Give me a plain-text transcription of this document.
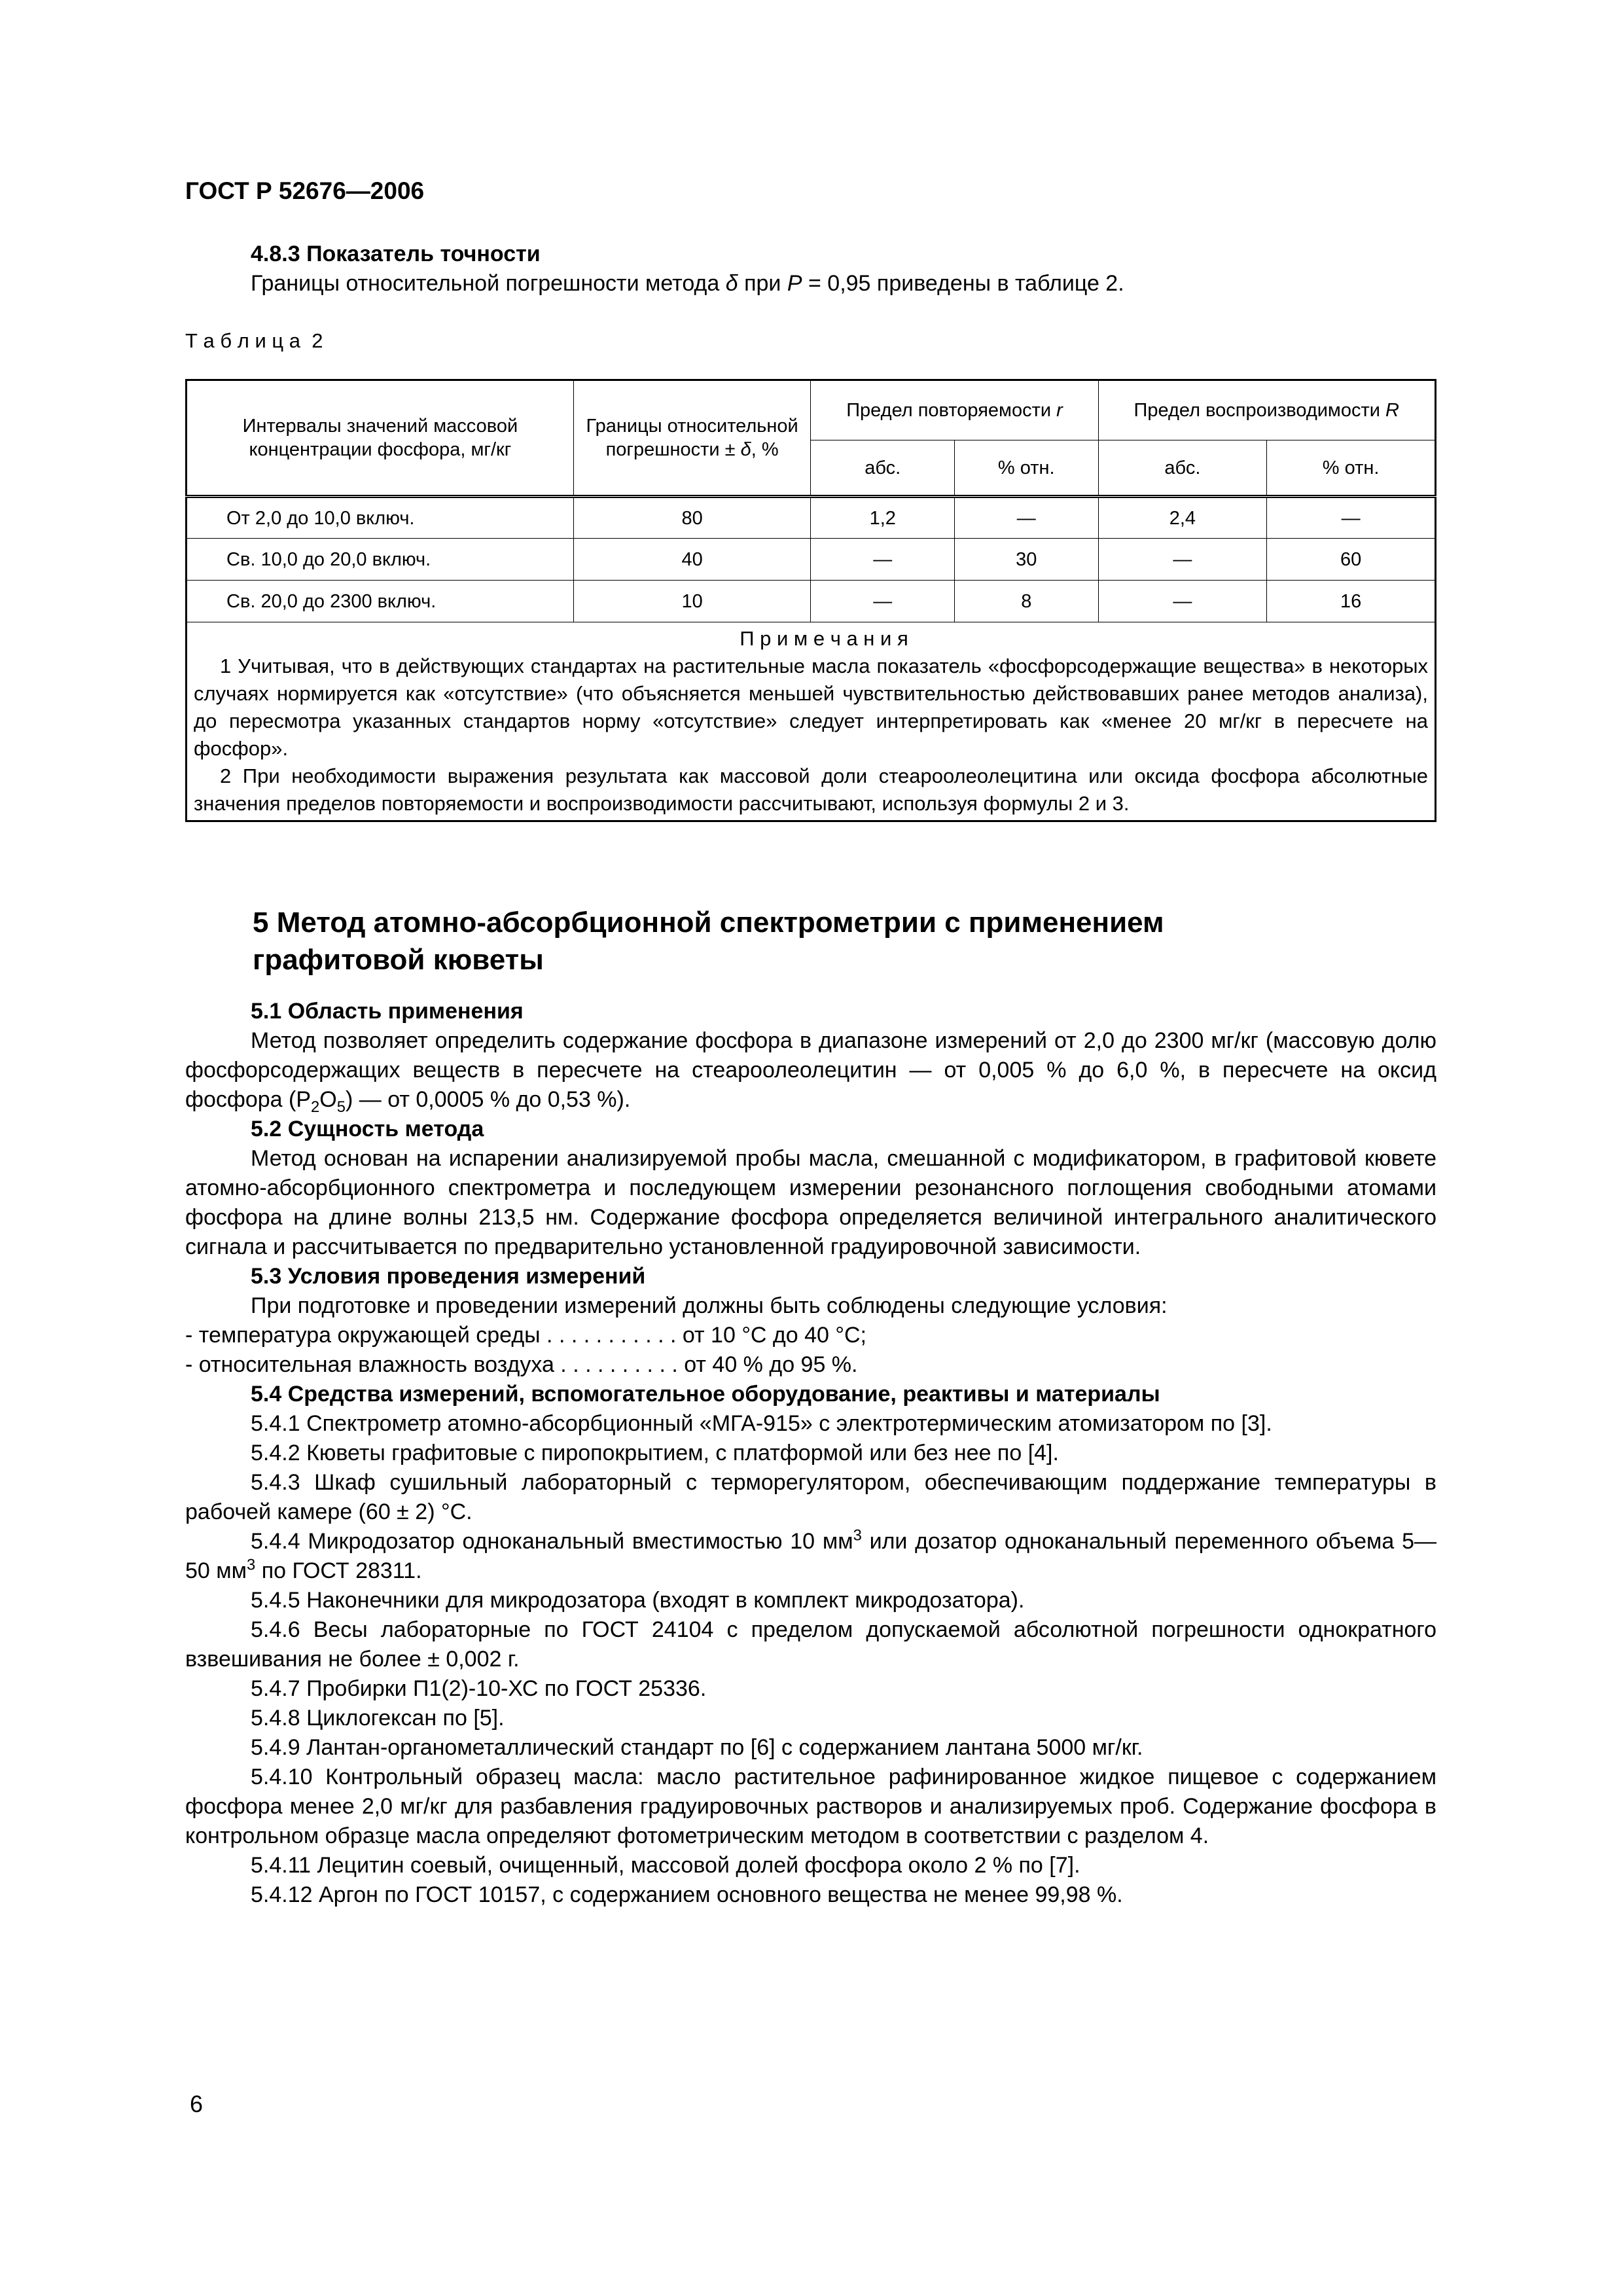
ГОСТ Р 52676—2006
4.8.3 Показатель точности

Границы относительной погрешности метода δ при P = 0,95 приведены в таблице 2.

Т а б л и ц а  2
Интервалы значений массовой концентрации фосфора, мг/кг	Границы относительной погрешности ± δ, %	Предел повторяемости r		Предел воспроизводимости R	
		абс.	% отн.	абс.	% отн.
От 2,0 до 10,0 включ.	80	1,2	—	2,4	—
Св. 10,0 до 20,0 включ.	40	—	30	—	60
Св. 20,0 до 2300 включ.	10	—	8	—	16

П р и м е ч а н и я

1 Учитывая, что в действующих стандартах на растительные масла показатель «фосфорсодержащие вещества» в некоторых случаях нормируется как «отсутствие» (что объясняется меньшей чувствительностью действовавших ранее методов анализа), до пересмотра указанных стандартов норму «отсутствие» следует интерпретировать как «менее 20 мг/кг в пересчете на фосфор».

2 При необходимости выражения результата как массовой доли стеароолеолецитина или оксида фосфора абсолютные значения пределов повторяемости и воспроизводимости рассчитывают, используя формулы 2 и 3.					

5 Метод атомно-абсорбционной спектрометрии с применением графитовой кюветы
5.1 Область применения

Метод позволяет определить содержание фосфора в диапазоне измерений от 2,0 до 2300 мг/кг (массовую долю фосфорсодержащих веществ в пересчете на стеароолеолецитин — от 0,005 % до 6,0 %, в пересчете на оксид фосфора $(P_2O_5)$ — от 0,0005 % до 0,53 %).

5.2 Сущность метода

Метод основан на испарении анализируемой пробы масла, смешанной с модификатором, в графитовой кювете атомно-абсорбционного спектрометра и последующем измерении резонансного поглощения свободными атомами фосфора на длине волны 213,5 нм. Содержание фосфора определяется величиной интегрального аналитического сигнала и рассчитывается по предварительно установленной градуировочной зависимости.

5.3 Условия проведения измерений

При подготовке и проведении измерений должны быть соблюдены следующие условия:

- температура окружающей среды . . . . . . . . . . . от 10 °С до 40 °С;

- относительная влажность воздуха . . . . . . . . . . от 40 % до 95 %.

5.4 Средства измерений, вспомогательное оборудование, реактивы и материалы

5.4.1 Спектрометр атомно-абсорбционный «МГА-915» с электротермическим атомизатором по [3].

5.4.2 Кюветы графитовые с пиропокрытием, с платформой или без нее по [4].

5.4.3 Шкаф сушильный лабораторный с терморегулятором, обеспечивающим поддержание температуры в рабочей камере (60 ± 2) °С.

5.4.4 Микродозатор одноканальный вместимостью 10 $мм^3$ или дозатор одноканальный переменного объема 5—50 $мм^3$ по ГОСТ 28311.

5.4.5 Наконечники для микродозатора (входят в комплект микродозатора).

5.4.6 Весы лабораторные по ГОСТ 24104 с пределом допускаемой абсолютной погрешности однократного взвешивания не более ± 0,002 г.

5.4.7 Пробирки П1(2)-10-ХС по ГОСТ 25336.

5.4.8 Циклогексан по [5].

5.4.9 Лантан-органометаллический стандарт по [6] с содержанием лантана 5000 мг/кг.

5.4.10 Контрольный образец масла: масло растительное рафинированное жидкое пищевое с содержанием фосфора менее 2,0 мг/кг для разбавления градуировочных растворов и анализируемых проб. Содержание фосфора в контрольном образце масла определяют фотометрическим методом в соответствии с разделом 4.

5.4.11 Лецитин соевый, очищенный, массовой долей фосфора около 2 % по [7].

5.4.12 Аргон по ГОСТ 10157, с содержанием основного вещества не менее 99,98 %.

6
